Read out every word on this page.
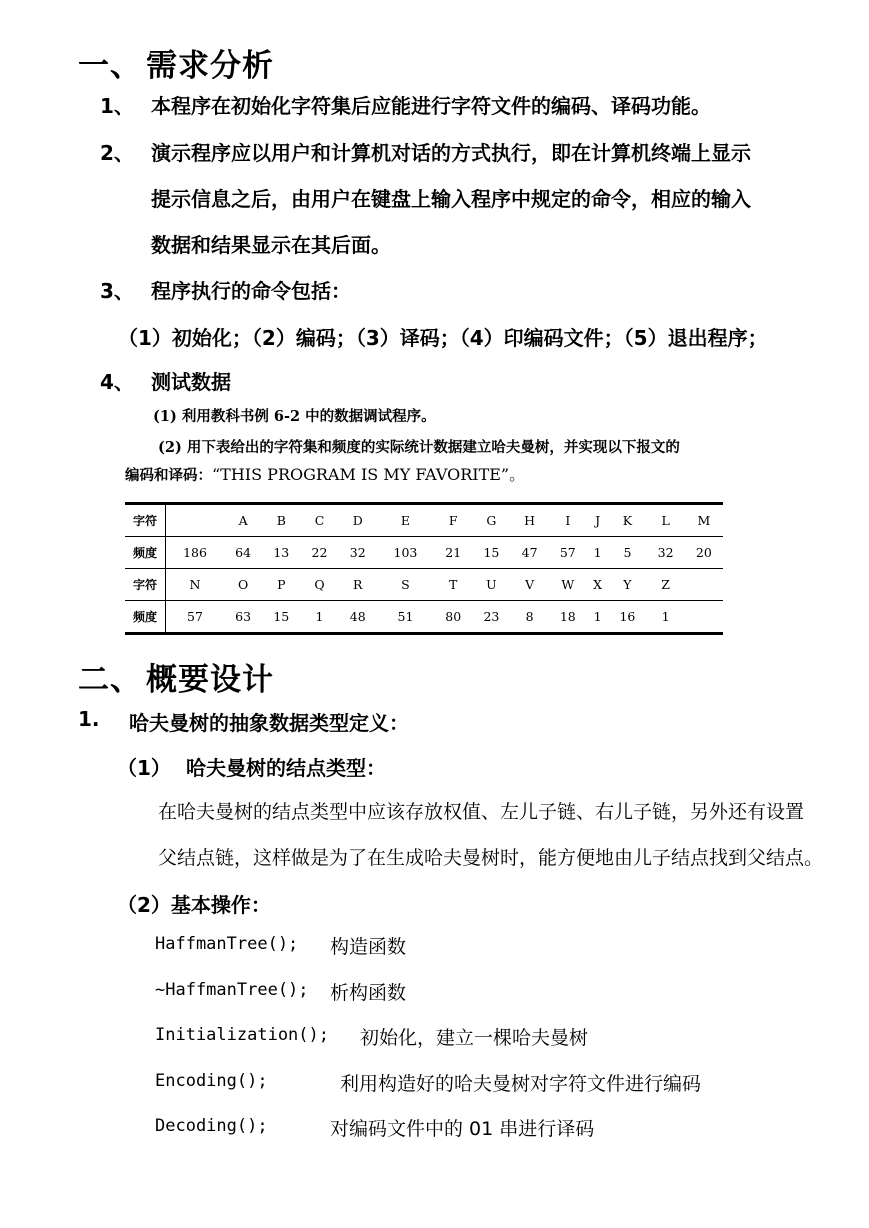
一、 需求分析
1、 本程序在初始化字符集后应能进行字符文件的编码、译码功能。
2、 演示程序应以用户和计算机对话的方式执行，即在计算机终端上显示
提示信息之后，由用户在键盘上输入程序中规定的命令，相应的输入
数据和结果显示在其后面。
3、 程序执行的命令包括：
（1）初始化；（2）编码；（3）译码；（4）印编码文件；（5）退出程序；
4、 测试数据
(1) 利用教科书例 6-2 中的数据调试程序。
(2) 用下表给出的字符集和频度的实际统计数据建立哈夫曼树，并实现以下报文的
编码和译码：“THIS PROGRAM IS MY FAVORITE”。
字符		A	B	C	D	E	F	G	H	I	J	K	L	M
频度	186	64	13	22	32	103	21	15	47	57	1	5	32	20
字符	N	O	P	Q	R	S	T	U	V	W	X	Y	Z	
频度	57	63	15	1	48	51	80	23	8	18	1	16	1	
二、 概要设计
1. 哈夫曼树的抽象数据类型定义：
（1） 哈夫曼树的结点类型：
在哈夫曼树的结点类型中应该存放权值、左儿子链、右儿子链，另外还有设置
父结点链，这样做是为了在生成哈夫曼树时，能方便地由儿子结点找到父结点。
（2）基本操作：
HaffmanTree(); 构造函数
~HaffmanTree(); 析构函数
Initialization(); 初始化，建立一棵哈夫曼树
Encoding();	利用构造好的哈夫曼树对字符文件进行编码
Decoding();	对编码文件中的 01 串进行译码
